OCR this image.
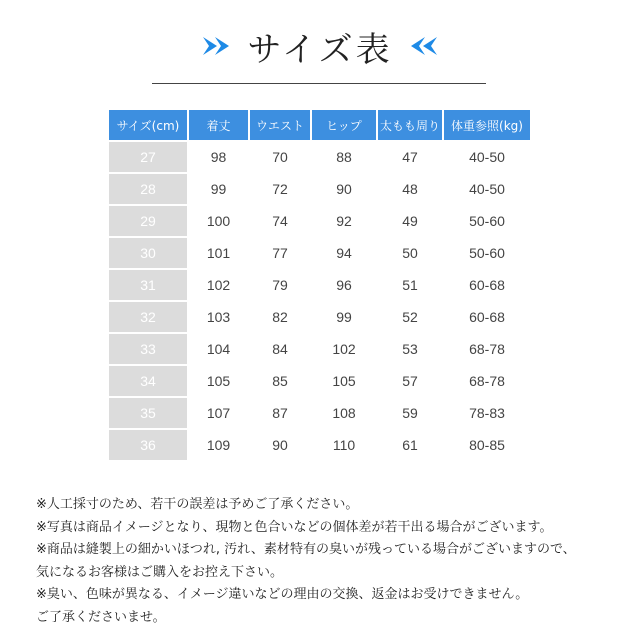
サイズ表
サイズ(cm)	着丈	ウエスト	ヒップ	太もも周り	体重参照(kg)
27	98	70	88	47	40-50
28	99	72	90	48	40-50
29	100	74	92	49	50-60
30	101	77	94	50	50-60
31	102	79	96	51	60-68
32	103	82	99	52	60-68
33	104	84	102	53	68-78
34	105	85	105	57	68-78
35	107	87	108	59	78-83
36	109	90	110	61	80-85
※人工採寸のため、若干の誤差は予めご了承ください。
※写真は商品イメージとなり、現物と色合いなどの個体差が若干出る場合がございます。
※商品は縫製上の細かいほつれ, 汚れ、素材特有の臭いが残っている場合がございますので、
気になるお客様はご購入をお控え下さい。
※臭い、色味が異なる、イメージ違いなどの理由の交換、返金はお受けできません。
ご了承くださいませ。
